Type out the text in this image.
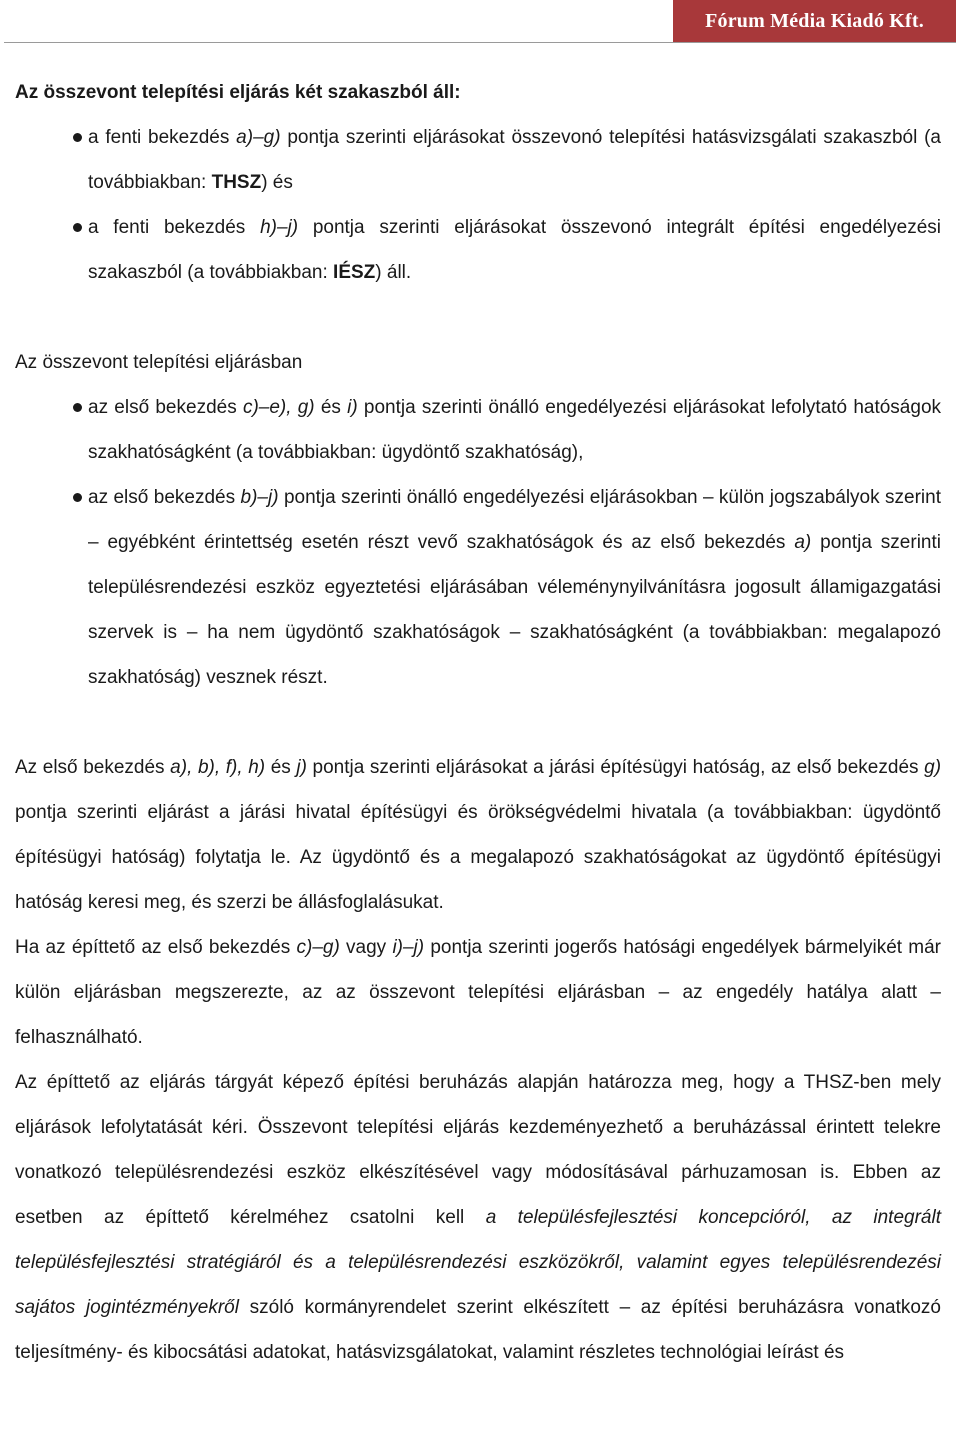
Fórum Média Kiadó Kft.

Az összevont telepítési eljárás két szakaszból áll:

a fenti bekezdés a)–g) pontja szerinti eljárásokat összevonó telepítési hatásvizsgálati szakaszból (a továbbiakban: THSZ) és
a fenti bekezdés h)–j) pontja szerinti eljárásokat összevonó integrált építési engedélyezési szakaszból (a továbbiakban: IÉSZ) áll.

Az összevont telepítési eljárásban

az első bekezdés c)–e), g) és i) pontja szerinti önálló engedélyezési eljárásokat lefolytató hatóságok szakhatóságként (a továbbiakban: ügydöntő szakhatóság),
az első bekezdés b)–j) pontja szerinti önálló engedélyezési eljárásokban – külön jogszabályok szerint – egyébként érintettség esetén részt vevő szakhatóságok és az első bekezdés a) pontja szerinti településrendezési eszköz egyeztetési eljárásában véleménynyilvánításra jogosult államigazgatási szervek is – ha nem ügydöntő szakhatóságok – szakhatóságként (a továbbiakban: megalapozó szakhatóság) vesznek részt.

Az első bekezdés a), b), f), h) és j) pontja szerinti eljárásokat a járási építésügyi hatóság, az első bekezdés g) pontja szerinti eljárást a járási hivatal építésügyi és örökségvédelmi hivatala (a továbbiakban: ügydöntő építésügyi hatóság) folytatja le. Az ügydöntő és a megalapozó szakhatóságokat az ügydöntő építésügyi hatóság keresi meg, és szerzi be állásfoglalásukat.

Ha az építtető az első bekezdés c)–g) vagy i)–j) pontja szerinti jogerős hatósági engedélyek bármelyikét már külön eljárásban megszerezte, az az összevont telepítési eljárásban – az engedély hatálya alatt – felhasználható.

Az építtető az eljárás tárgyát képező építési beruházás alapján határozza meg, hogy a THSZ-ben mely eljárások lefolytatását kéri. Összevont telepítési eljárás kezdeményezhető a beruházással érintett telekre vonatkozó településrendezési eszköz elkészítésével vagy módosításával párhuzamosan is. Ebben az esetben az építtető kérelméhez csatolni kell a településfejlesztési koncepcióról, az integrált településfejlesztési stratégiáról és a településrendezési eszközökről, valamint egyes településrendezési sajátos jogintézményekről szóló kormányrendelet szerint elkészített – az építési beruházásra vonatkozó teljesítmény- és kibocsátási adatokat, hatásvizsgálatokat, valamint részletes technológiai leírást és
